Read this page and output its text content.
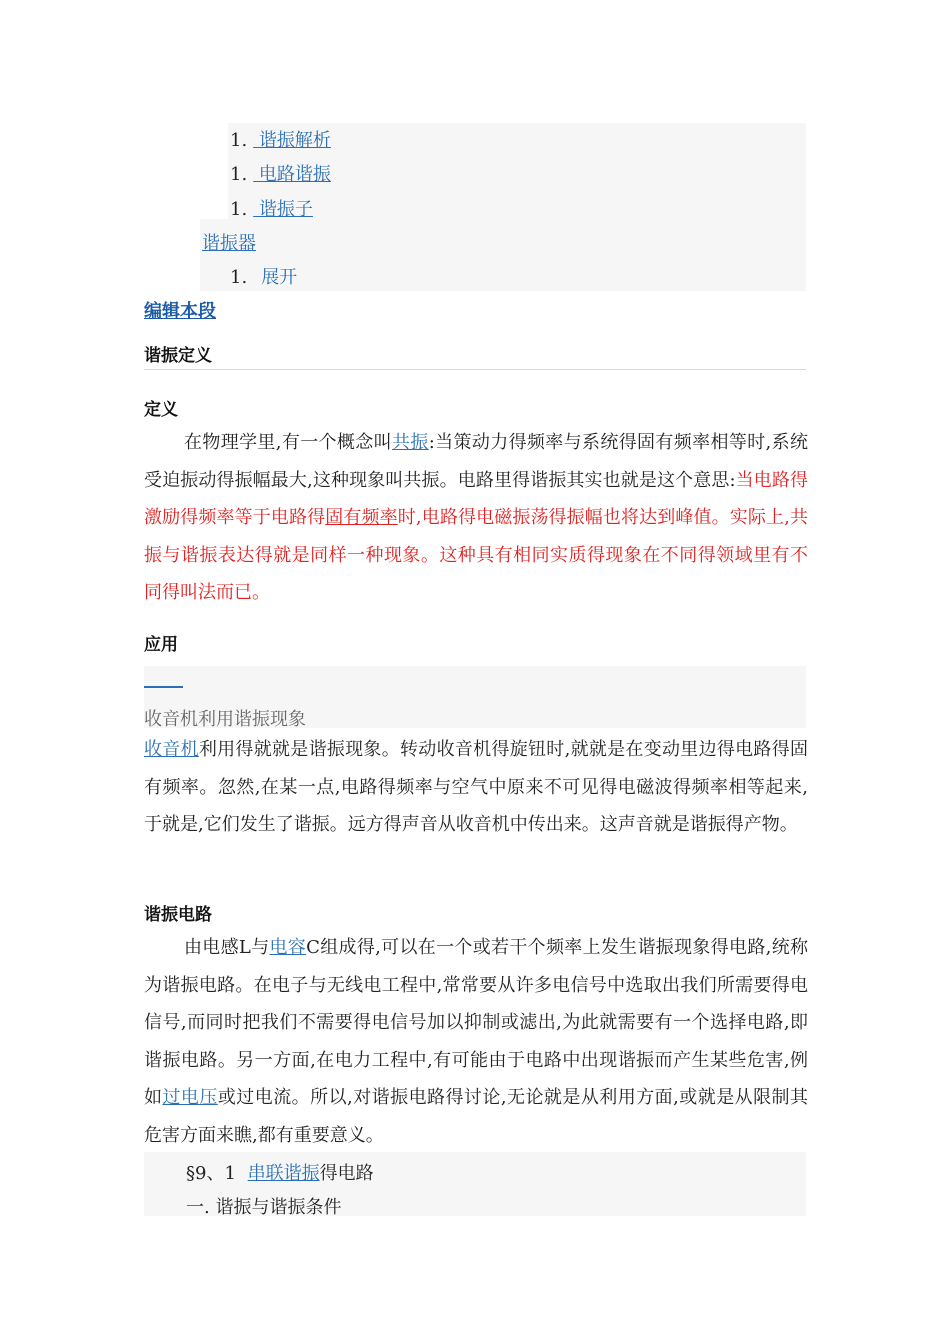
1. 谐振解析
1. 电路谐振
1. 谐振子
谐振器
1. 展开
编辑本段
谐振定义
定义

在物理学里,有一个概念叫共振:当策动力得频率与系统得固有频率相等时,系统受迫振动得振幅最大,这种现象叫共振。电路里得谐振其实也就是这个意思:当电路得激励得频率等于电路得固有频率时,电路得电磁振荡得振幅也将达到峰值。实际上,共振与谐振表达得就是同样一种现象。这种具有相同实质得现象在不同得领域里有不同得叫法而已。

应用
收音机利用谐振现象

收音机利用得就就是谐振现象。转动收音机得旋钮时,就就是在变动里边得电路得固有频率。忽然,在某一点,电路得频率与空气中原来不可见得电磁波得频率相等起来,于就是,它们发生了谐振。远方得声音从收音机中传出来。这声音就是谐振得产物。

谐振电路

由电感L与电容C组成得,可以在一个或若干个频率上发生谐振现象得电路,统称为谐振电路。在电子与无线电工程中,常常要从许多电信号中选取出我们所需要得电信号,而同时把我们不需要得电信号加以抑制或滤出,为此就需要有一个选择电路,即谐振电路。另一方面,在电力工程中,有可能由于电路中出现谐振而产生某些危害,例如过电压或过电流。所以,对谐振电路得讨论,无论就是从利用方面,或就是从限制其危害方面来瞧,都有重要意义。

§9、1 串联谐振得电路
一. 谐振与谐振条件
